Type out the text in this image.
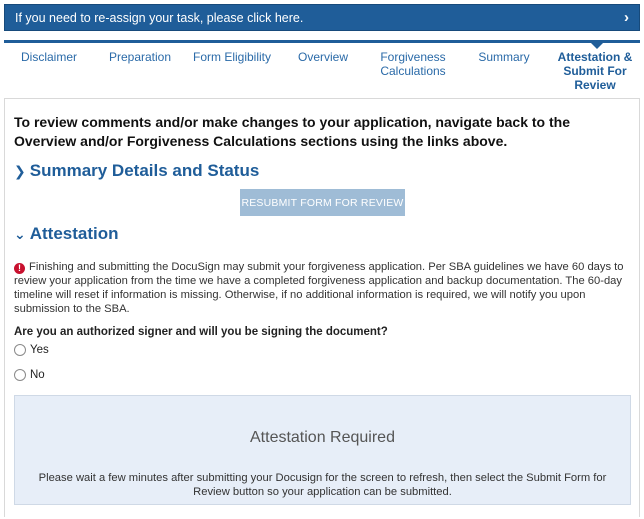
If you need to re-assign your task, please click here.	›
Disclaimer	Preparation	Form Eligibility	Overview	Forgiveness Calculations
Summary	Attestation & Submit For Review
To review comments and/or make changes to your application, navigate back to the Overview and/or Forgiveness Calculations sections using the links above.
❯ Summary Details and Status
RESUBMIT FORM FOR REVIEW
⌄ Attestation
! Finishing and submitting the DocuSign may submit your forgiveness application. Per SBA guidelines we have 60 days to review your application from the time we have a completed forgiveness application and backup documentation. The 60-day timeline will reset if information is missing. Otherwise, if no additional information is required, we will notify you upon submission to the SBA.
Are you an authorized signer and will you be signing the document?
Yes
No
Attestation Required
Please wait a few minutes after submitting your Docusign for the screen to refresh, then select the Submit Form for Review button so your application can be submitted.
